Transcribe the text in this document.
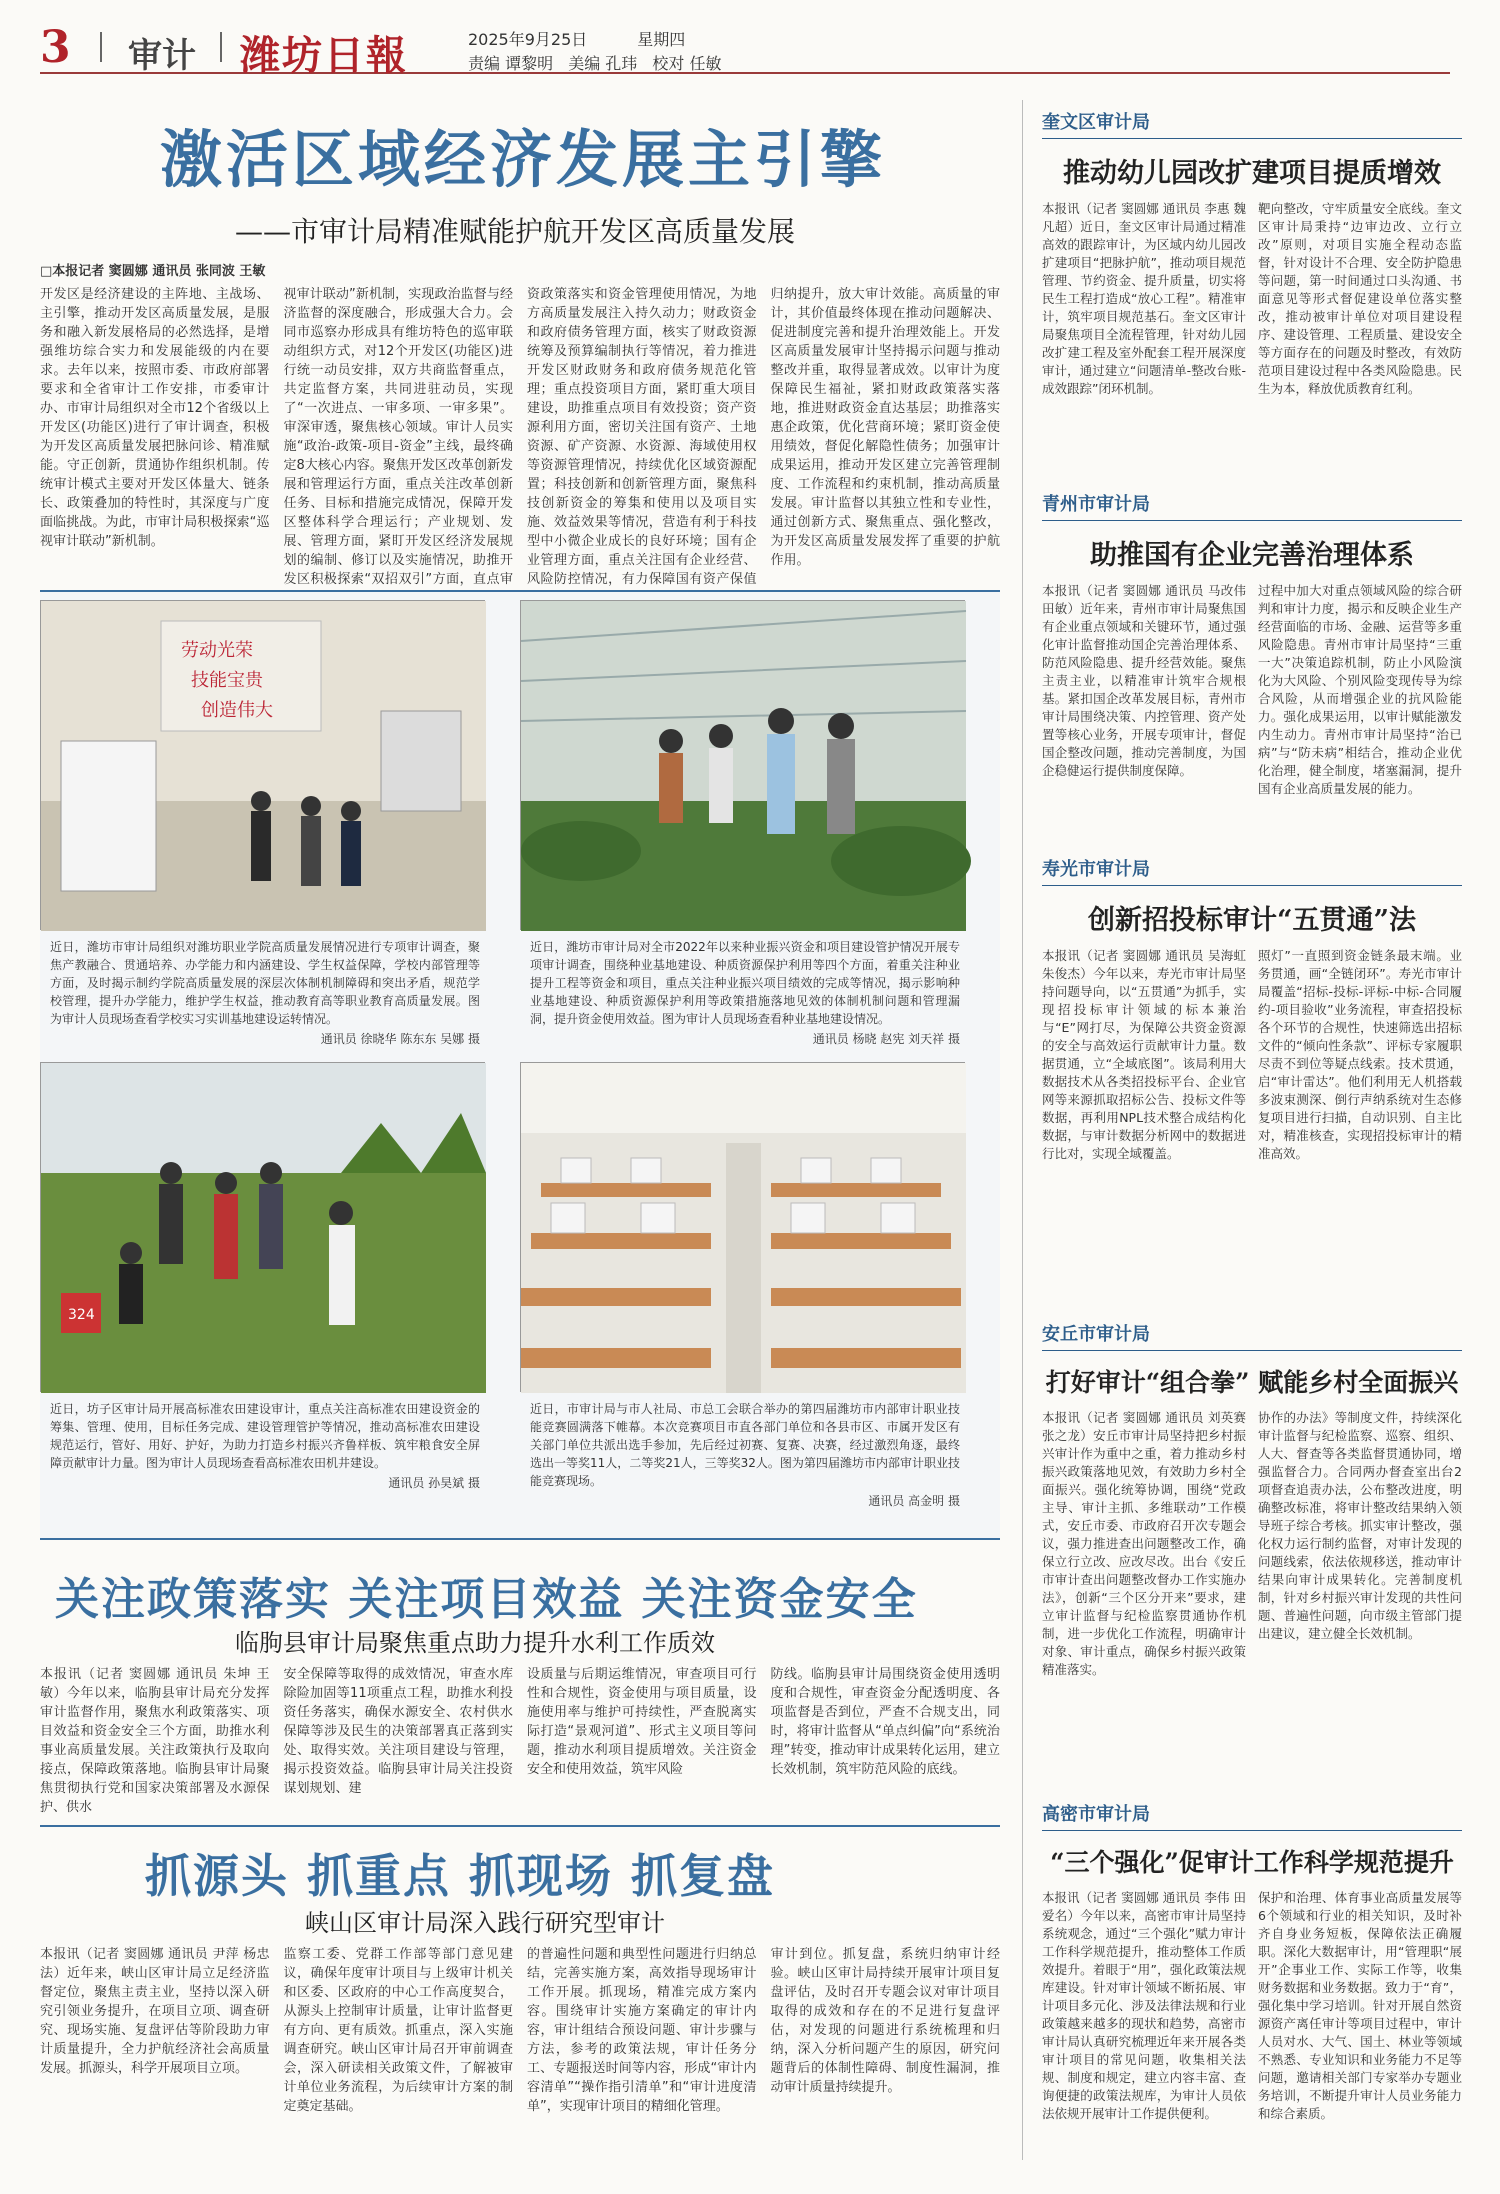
3 审计 潍坊日報	2025年9月25日	星期四
责编 谭黎明 美编 孔玮 校对 任敏
激活区域经济发展主引擎
——市审计局精准赋能护航开发区高质量发展
□本报记者 窦圆娜 通讯员 张同波 王敏

开发区是经济建设的主阵地、主战场、主引擎，推动开发区高质量发展，是服务和融入新发展格局的必然选择，是增强维坊综合实力和发展能级的内在要求。去年以来，按照市委、市政府部署要求和全省审计工作安排，市委审计办、市审计局组织对全市12个省级以上开发区(功能区)进行了审计调查，积极为开发区高质量发展把脉问诊、精准赋能。守正创新，贯通协作组织机制。传统审计模式主要对开发区体量大、链条长、政策叠加的特性时，其深度与广度面临挑战。为此，市审计局积极探索“巡视审计联动”新机制。

视审计联动”新机制，实现政治监督与经济监督的深度融合，形成强大合力。会同市巡察办形成具有维坊特色的巡审联动组织方式，对12个开发区(功能区)进行统一动员安排，双方共商监督重点，共定监督方案，共同进驻动员，实现了“一次进点、一审多项、一审多果”。审深审透，聚焦核心领域。审计人员实施“政治-政策-项目-资金”主线，最终确定8大核心内容。聚焦开发区改革创新发展和管理运行方面，重点关注改革创新任务、目标和措施完成情况，保障开发区整体科学合理运行；产业规划、发展、管理方面，紧盯开发区经济发展规划的编制、修订以及实施情况，助推开发区积极探索“双招双引”方面，直点审

资政策落实和资金管理使用情况，为地方高质量发展注入持久动力；财政资金和政府债务管理方面，核实了财政资源统筹及预算编制执行等情况，着力推进开发区财政财务和政府债务规范化管理；重点投资项目方面，紧盯重大项目建设，助推重点项目有效投资；资产资源利用方面，密切关注国有资产、土地资源、矿产资源、水资源、海域使用权等资源管理情况，持续优化区域资源配置；科技创新和创新管理方面，聚焦科技创新资金的筹集和使用以及项目实施、效益效果等情况，营造有利于科技型中小微企业成长的良好环境；国有企业管理方面，重点关注国有企业经营、风险防控情况，有力保障国有资产保值

归纳提升，放大审计效能。高质量的审计，其价值最终体现在推动问题解决、促进制度完善和提升治理效能上。开发区高质量发展审计坚持揭示问题与推动整改并重，取得显著成效。以审计为度保障民生福祉，紧扣财政政策落实落地，推进财政资金直达基层；助推落实惠企政策，优化营商环境；紧盯资金使用绩效，督促化解隐性债务；加强审计成果运用，推动开发区建立完善管理制度、工作流程和约束机制，推动高质量发展。审计监督以其独立性和专业性，通过创新方式、聚焦重点、强化整改，为开发区高质量发展发挥了重要的护航作用。

劳动光荣
技能宝贵
创造伟大
近日，潍坊市审计局组织对潍坊职业学院高质量发展情况进行专项审计调查，聚焦产教融合、贯通培养、办学能力和内涵建设、学生权益保障，学校内部管理等方面，及时揭示制约学院高质量发展的深层次体制机制障碍和突出矛盾，规范学校管理，提升办学能力，维护学生权益，推动教育高等职业教育高质量发展。图为审计人员现场查看学校实习实训基地建设运转情况。
通讯员 徐晓华 陈东东 吴娜 摄
近日，潍坊市审计局对全市2022年以来种业振兴资金和项目建设管护情况开展专项审计调查，围绕种业基地建设、种质资源保护利用等四个方面，着重关注种业提升工程等资金和项目，重点关注种业振兴项目绩效的完成等情况，揭示影响种业基地建设、种质资源保护利用等政策措施落地见效的体制机制问题和管理漏洞，提升资金使用效益。图为审计人员现场查看种业基地建设情况。
通讯员 杨晓 赵宪 刘天祥 摄
324
近日，坊子区审计局开展高标准农田建设审计，重点关注高标准农田建设资金的筹集、管理、使用，目标任务完成、建设管理管护等情况，推动高标准农田建设规范运行，管好、用好、护好，为助力打造乡村振兴齐鲁样板、筑牢粮食安全屏障贡献审计力量。图为审计人员现场查看高标准农田机井建设。
通讯员 孙昊斌 摄
近日，市审计局与市人社局、市总工会联合举办的第四届潍坊市内部审计职业技能竞赛圆满落下帷幕。本次竞赛项目市直各部门单位和各县市区、市属开发区有关部门单位共派出选手参加，先后经过初赛、复赛、决赛，经过激烈角逐，最终选出一等奖11人，二等奖21人，三等奖32人。图为第四届潍坊市内部审计职业技能竞赛现场。
通讯员 高金明 摄
关注政策落实 关注项目效益 关注资金安全
临朐县审计局聚焦重点助力提升水利工作质效

本报讯（记者 窦圆娜 通讯员 朱坤 王敏）今年以来，临朐县审计局充分发挥审计监督作用，聚焦水利政策落实、项目效益和资金安全三个方面，助推水利事业高质量发展。关注政策执行及取向接点，保障政策落地。临朐县审计局聚焦贯彻执行党和国家决策部署及水源保护、供水

安全保障等取得的成效情况，审查水库除险加固等11项重点工程，助推水利投资任务落实，确保水源安全、农村供水保障等涉及民生的决策部署真正落到实处、取得实效。关注项目建设与管理，揭示投资效益。临朐县审计局关注投资谋划规划、建

设质量与后期运维情况，审查项目可行性和合规性，资金使用与项目质量，设施使用率与维护可持续性，严查脱离实际打造“景观河道”、形式主义项目等问题，推动水利项目提质增效。关注资金安全和使用效益，筑牢风险

防线。临朐县审计局围绕资金使用透明度和合规性，审查资金分配透明度、各项监督是否到位，严查不合规支出，同时，将审计监督从“单点纠偏”向“系统治理”转变，推动审计成果转化运用，建立长效机制，筑牢防范风险的底线。

抓源头 抓重点 抓现场 抓复盘
峡山区审计局深入践行研究型审计

本报讯（记者 窦圆娜 通讯员 尹萍 杨忠法）近年来，峡山区审计局立足经济监督定位，聚焦主责主业，坚持以深入研究引领业务提升，在项目立项、调查研究、现场实施、复盘评估等阶段助力审计质量提升，全力护航经济社会高质量发展。抓源头，科学开展项目立项。

监察工委、党群工作部等部门意见建议，确保年度审计项目与上级审计机关和区委、区政府的中心工作高度契合，从源头上控制审计质量，让审计监督更有方向、更有质效。抓重点，深入实施调查研究。峡山区审计局召开审前调查会，深入研读相关政策文件，了解被审计单位业务流程，为后续审计方案的制定奠定基础。

的普遍性问题和典型性问题进行归纳总结，完善实施方案，高效指导现场审计工作开展。抓现场，精准完成方案内容。围绕审计实施方案确定的审计内容，审计组结合预设问题、审计步骤与方法，参考的政策法规，审计任务分工、专题报送时间等内容，形成“审计内容清单”“操作指引清单”和“审计进度清单”，实现审计项目的精细化管理。

审计到位。抓复盘，系统归纳审计经验。峡山区审计局持续开展审计项目复盘评估，及时召开专题会议对审计项目取得的成效和存在的不足进行复盘评估，对发现的问题进行系统梳理和归纳，深入分析问题产生的原因，研究问题背后的体制性障碍、制度性漏洞，推动审计质量持续提升。

奎文区审计局
推动幼儿园改扩建项目提质增效

本报讯（记者 窦圆娜 通讯员 李惠 魏凡超）近日，奎文区审计局通过精准高效的跟踪审计，为区域内幼儿园改扩建项目“把脉护航”，推动项目规范管理、节约资金、提升质量，切实将民生工程打造成“放心工程”。精准审计，筑牢项目规范基石。奎文区审计局聚焦项目全流程管理，针对幼儿园改扩建工程及室外配套工程开展深度审计，通过建立“问题清单-整改台账-成效跟踪”闭环机制。

靶向整改，守牢质量安全底线。奎文区审计局秉持“边审边改、立行立改”原则，对项目实施全程动态监督，针对设计不合理、安全防护隐患等问题，第一时间通过口头沟通、书面意见等形式督促建设单位落实整改，推动被审计单位对项目建设程序、建设管理、工程质量、建设安全等方面存在的问题及时整改，有效防范项目建设过程中各类风险隐患。民生为本，释放优质教育红利。

青州市审计局
助推国有企业完善治理体系

本报讯（记者 窦圆娜 通讯员 马改伟 田敏）近年来，青州市审计局聚焦国有企业重点领域和关键环节，通过强化审计监督推动国企完善治理体系、防范风险隐患、提升经营效能。聚焦主责主业，以精准审计筑牢合规根基。紧扣国企改革发展目标，青州市审计局围绕决策、内控管理、资产处置等核心业务，开展专项审计，督促国企整改问题，推动完善制度，为国企稳健运行提供制度保障。

过程中加大对重点领域风险的综合研判和审计力度，揭示和反映企业生产经营面临的市场、金融、运营等多重风险隐患。青州市审计局坚持“三重一大”决策追踪机制，防止小风险演化为大风险、个别风险变现传导为综合风险，从而增强企业的抗风险能力。强化成果运用，以审计赋能激发内生动力。青州市审计局坚持“治已病”与“防未病”相结合，推动企业优化治理，健全制度，堵塞漏洞，提升国有企业高质量发展的能力。

寿光市审计局
创新招投标审计“五贯通”法

本报讯（记者 窦圆娜 通讯员 吴海虹 朱俊杰）今年以来，寿光市审计局坚持问题导向，以“五贯通”为抓手，实现招投标审计领域的标本兼治与“E”网打尽，为保障公共资金资源的安全与高效运行贡献审计力量。数据贯通，立“全域底图”。该局利用大数据技术从各类招投标平台、企业官网等来源抓取招标公告、投标文件等数据，再利用NPL技术整合成结构化数据，与审计数据分析网中的数据进行比对，实现全域覆盖。

照灯”一直照到资金链条最末端。业务贯通，画“全链闭环”。寿光市审计局覆盖“招标-投标-评标-中标-合同履约-项目验收”业务流程，审查招投标各个环节的合规性，快速筛选出招标文件的“倾向性条款”、评标专家履职尽责不到位等疑点线索。技术贯通，启“审计雷达”。他们利用无人机搭载多波束测深、倒行声纳系统对生态修复项目进行扫描，自动识别、自主比对，精准核查，实现招投标审计的精准高效。

安丘市审计局
打好审计“组合拳” 赋能乡村全面振兴

本报讯（记者 窦圆娜 通讯员 刘英赛 张之龙）安丘市审计局坚持把乡村振兴审计作为重中之重，着力推动乡村振兴政策落地见效，有效助力乡村全面振兴。强化统筹协调，围绕“党政主导、审计主抓、多维联动”工作模式，安丘市委、市政府召开次专题会议，强力推进查出问题整改工作，确保立行立改、应改尽改。出台《安丘市审计查出问题整改督办工作实施办法》，创新“三个区分开来”要求，建立审计监督与纪检监察贯通协作机制，进一步优化工作流程，明确审计对象、审计重点，确保乡村振兴政策精准落实。

协作的办法》等制度文件，持续深化审计监督与纪检监察、巡察、组织、人大、督查等各类监督贯通协同，增强监督合力。合同两办督查室出台2项督查追责办法，公布整改进度，明确整改标准，将审计整改结果纳入领导班子综合考核。抓实审计整改，强化权力运行制约监督，对审计发现的问题线索，依法依规移送，推动审计结果向审计成果转化。完善制度机制，针对乡村振兴审计发现的共性问题、普遍性问题，向市级主管部门提出建议，建立健全长效机制。

高密市审计局
“三个强化”促审计工作科学规范提升

本报讯（记者 窦圆娜 通讯员 李伟 田爱名）今年以来，高密市审计局坚持系统观念，通过“三个强化”赋力审计工作科学规范提升，推动整体工作质效提升。着眼于“用”，强化政策法规库建设。针对审计领域不断拓展、审计项目多元化、涉及法律法规和行业政策越来越多的现状和趋势，高密市审计局认真研究梳理近年来开展各类审计项目的常见问题，收集相关法规、制度和规定，建立内容丰富、查询便捷的政策法规库，为审计人员依法依规开展审计工作提供便利。

保护和治理、体育事业高质量发展等6个领域和行业的相关知识，及时补齐自身业务短板，保障依法正确履职。深化大数据审计，用“管理职“展开”企事业工作、实际工作等，收集财务数据和业务数据。致力于“育”，强化集中学习培训。针对开展自然资源资产离任审计等项目过程中，审计人员对水、大气、国土、林业等领域不熟悉、专业知识和业务能力不足等问题，邀请相关部门专家举办专题业务培训，不断提升审计人员业务能力和综合素质。
